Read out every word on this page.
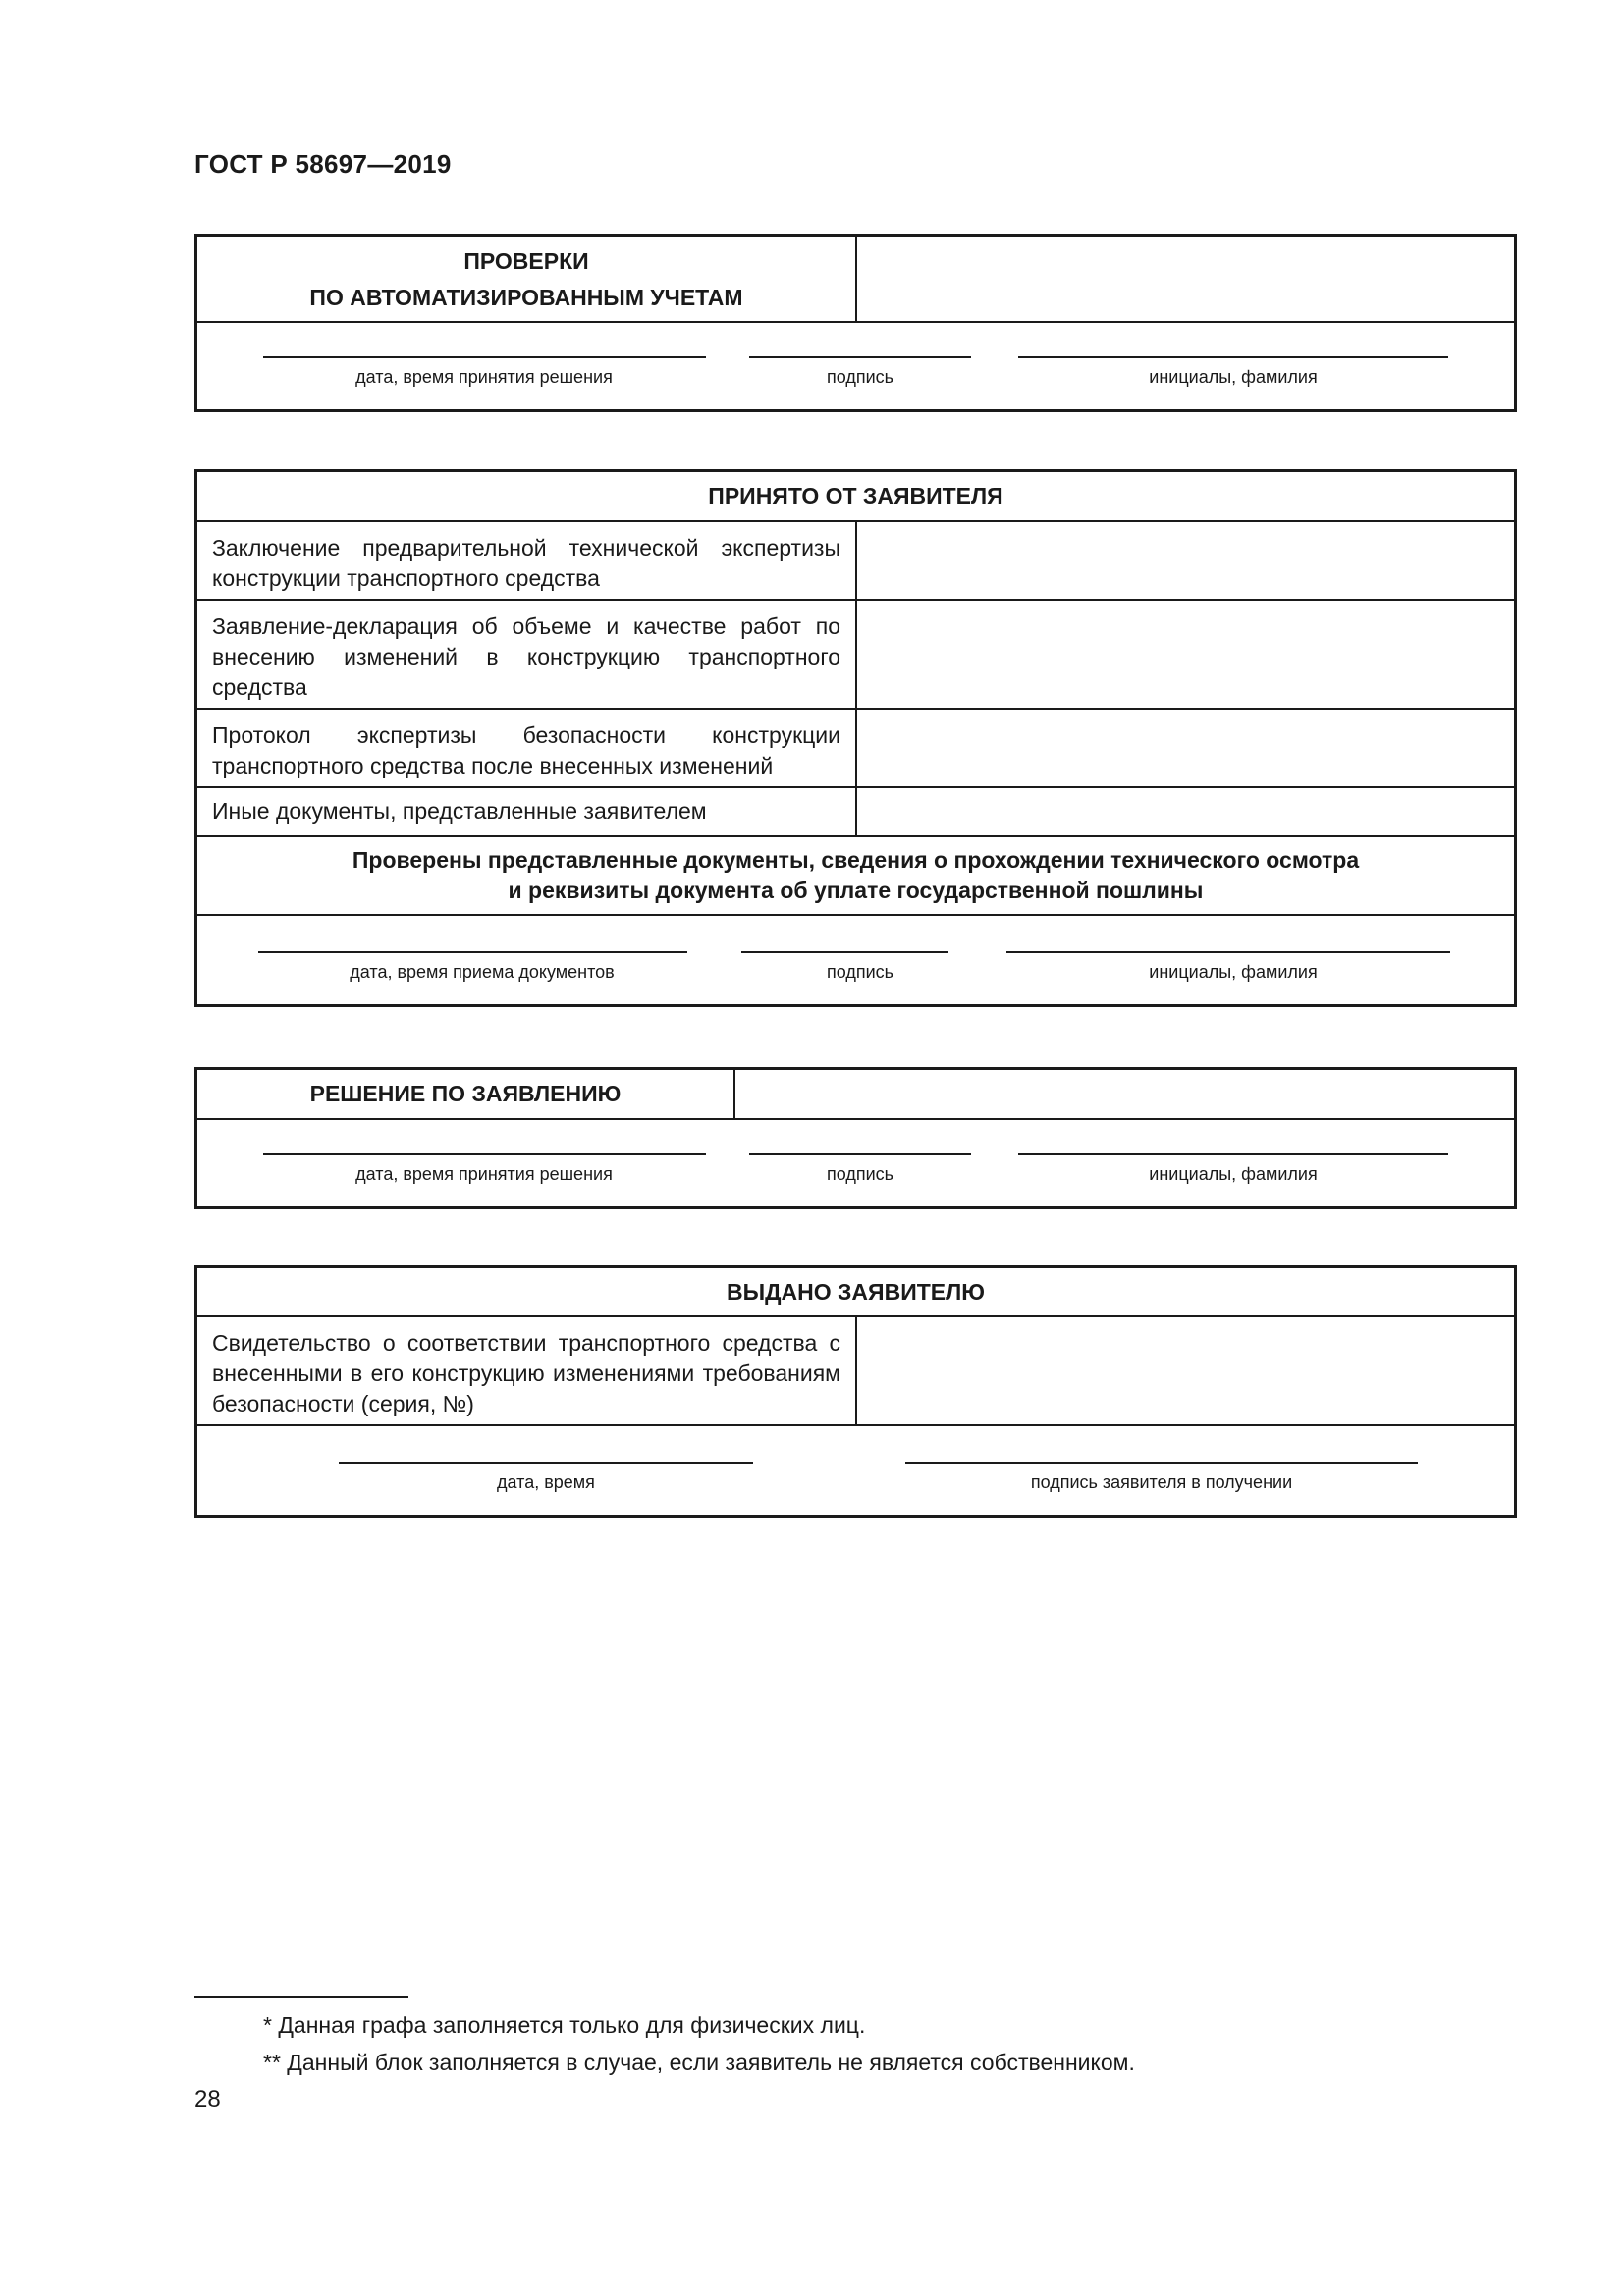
ГОСТ Р 58697—2019
ПРОВЕРКИ
ПО АВТОМАТИЗИРОВАННЫМ УЧЕТАМ
дата, время принятия решения	подпись	инициалы, фамилия
ПРИНЯТО ОТ ЗАЯВИТЕЛЯ
Заключение предварительной технической экспертизы конструкции транспортного средства
Заявление-декларация об объеме и качестве работ по внесению изменений в конструкцию транспортного средства
Протокол экспертизы безопасности конструкции транспортного средства после внесенных изменений
Иные документы, представленные заявителем
Проверены представленные документы, сведения о прохождении технического осмотра
и реквизиты документа об уплате государственной пошлины
дата, время приема документов	подпись	инициалы, фамилия
РЕШЕНИЕ ПО ЗАЯВЛЕНИЮ
дата, время принятия решения	подпись	инициалы, фамилия
ВЫДАНО ЗАЯВИТЕЛЮ
Свидетельство о соответствии транспортного средства с внесенными в его конструкцию изменениями требованиям безопасности (серия, №)
дата, время	подпись заявителя в получении
* Данная графа заполняется только для физических лиц.
** Данный блок заполняется в случае, если заявитель не является собственником.
28
